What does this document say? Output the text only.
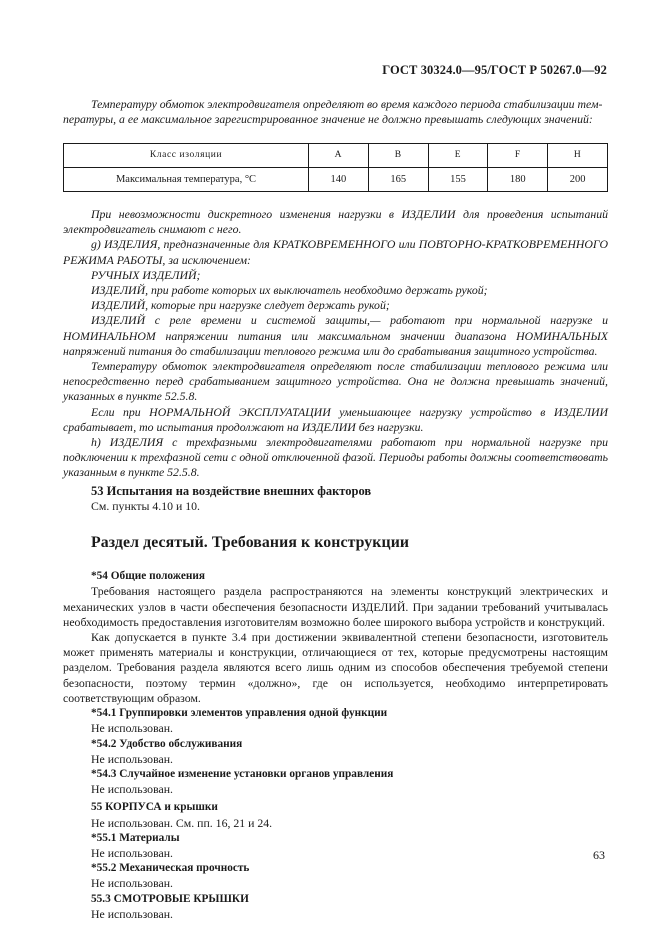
ГОСТ 30324.0—95/ГОСТ Р 50267.0—92

Температуру обмоток электродвигателя определяют во время каждого периода стабилизации тем-

пературы, а ее максимальное зарегистрированное значение не должно превышать следующих значений:

Класс изоляции	A	B	E	F	H
Максимальная температура, °С	140	165	155	180	200

При невозможности дискретного изменения нагрузки в ИЗДЕЛИИ для проведения испытаний электродвигатель снимают с него.

g) ИЗДЕЛИЯ, предназначенные для КРАТКОВРЕМЕННОГО или ПОВТОРНО-КРАТКОВРЕМЕННОГО РЕЖИМА РАБОТЫ, за исключением:

РУЧНЫХ ИЗДЕЛИЙ;

ИЗДЕЛИЙ, при работе которых их выключатель необходимо держать рукой;

ИЗДЕЛИЙ, которые при нагрузке следует держать рукой;

ИЗДЕЛИЙ с реле времени и системой защиты,— работают при нормальной нагрузке и НОМИНАЛЬНОМ напряжении питания или максимальном значении диапазона НОМИНАЛЬНЫХ напряжений питания до стабилизации теплового режима или до срабатывания защитного устройства.

Температуру обмоток электродвигателя определяют после стабилизации теплового режима или непосредственно перед срабатыванием защитного устройства. Она не должна превышать значений, указанных в пункте 52.5.8.

Если при НОРМАЛЬНОЙ ЭКСПЛУАТАЦИИ уменьшающее нагрузку устройство в ИЗДЕЛИИ срабатывает, то испытания продолжают на ИЗДЕЛИИ без нагрузки.

h) ИЗДЕЛИЯ с трехфазными электродвигателями работают при нормальной нагрузке при подключении к трехфазной сети с одной отключенной фазой. Периоды работы должны соответствовать указанным в пункте 52.5.8.

53 Испытания на воздействие внешних факторов

См. пункты 4.10 и 10.

Раздел десятый. Требования к конструкции

*54 Общие положения

Требования настоящего раздела распространяются на элементы конструкций электрических и механических узлов в части обеспечения безопасности ИЗДЕЛИЙ. При задании требований учитывалась необходимость предоставления изготовителям возможно более широкого выбора устройств и конструкций.

Как допускается в пункте 3.4 при достижении эквивалентной степени безопасности, изготовитель может применять материалы и конструкции, отличающиеся от тех, которые предусмотрены настоящим разделом. Требования раздела являются всего лишь одним из способов обеспечения требуемой степени безопасности, поэтому термин «должно», где он используется, необходимо интерпретировать соответствующим образом.

*54.1 Группировки элементов управления одной функции

Не использован.

*54.2 Удобство обслуживания

Не использован.

*54.3 Случайное изменение установки органов управления

Не использован.

55 КОРПУСА и крышки

Не использован. См. пп. 16, 21 и 24.

*55.1 Материалы

Не использован.

*55.2 Механическая прочность

Не использован.

55.3 СМОТРОВЫЕ КРЫШКИ

Не использован.

63
